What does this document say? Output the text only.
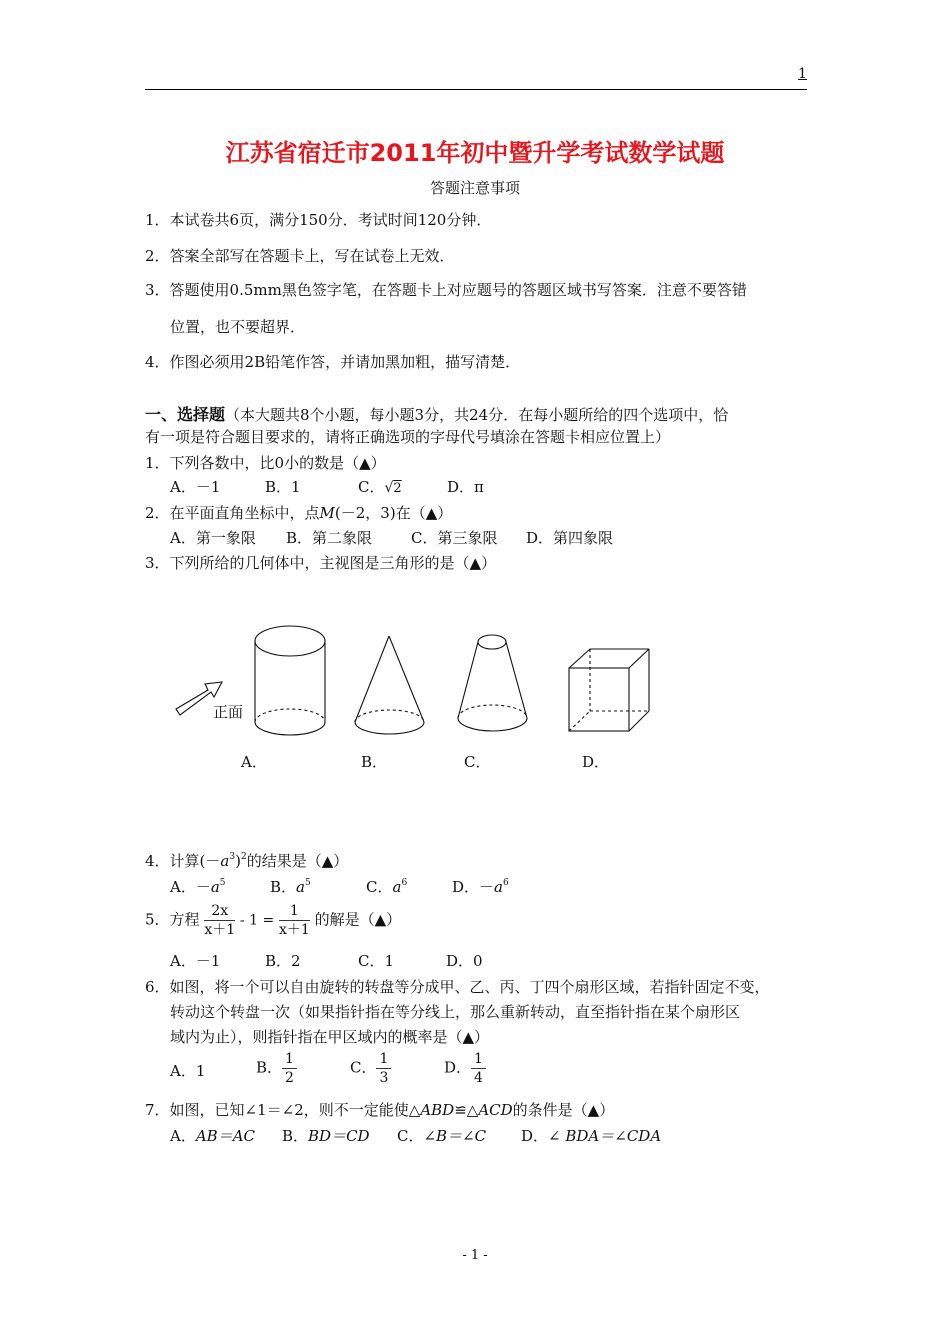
1
江苏省宿迁市2011年初中暨升学考试数学试题
答题注意事项
1．本试卷共6页，满分150分．考试时间120分钟．
2．答案全部写在答题卡上，写在试卷上无效．
3．答题使用0.5mm黑色签字笔，在答题卡上对应题号的答题区域书写答案．注意不要答错
位置，也不要超界．
4．作图必须用2B铅笔作答，并请加黑加粗，描写清楚．
一、选择题（本大题共8个小题，每小题3分，共24分．在每小题所给的四个选项中，恰
有一项是符合题目要求的，请将正确选项的字母代号填涂在答题卡相应位置上）
1．下列各数中，比0小的数是（▲）
A．－1	B．1	C．√2	D．π
2．在平面直角坐标中，点M(－2，3)在（▲）
A．第一象限 B．第二象限	C．第三象限 D．第四象限
3．下列所给的几何体中，主视图是三角形的是（▲）
正面
A．	B．	C．	D．
4．计算$(-a^3)^2$的结果是（▲）
A．$-a^5$	B．$a^5$	C．$a^6$	D．$-a^6$
5．方程 $\frac{2x}{x+1} - 1 = \frac{1}{x+1}$ 的解是（▲）
A．－1	B．2	C．1	D．0
6．如图，将一个可以自由旋转的转盘等分成甲、乙、丙、丁四个扇形区域，若指针固定不变，
转动这个转盘一次（如果指针指在等分线上，那么重新转动，直至指针指在某个扇形区
域内为止），则指针指在甲区域内的概率是（▲）
A．1	B． $\frac{1}{2}$	C． $\frac{1}{3}$	D． $\frac{1}{4}$
7．如图，已知∠1＝∠2，则不一定能使△ABD≌△ACD的条件是（▲）
A．AB＝AC B．BD＝CD C．∠B＝∠C D．∠ BDA＝∠CDA
- 1 -
